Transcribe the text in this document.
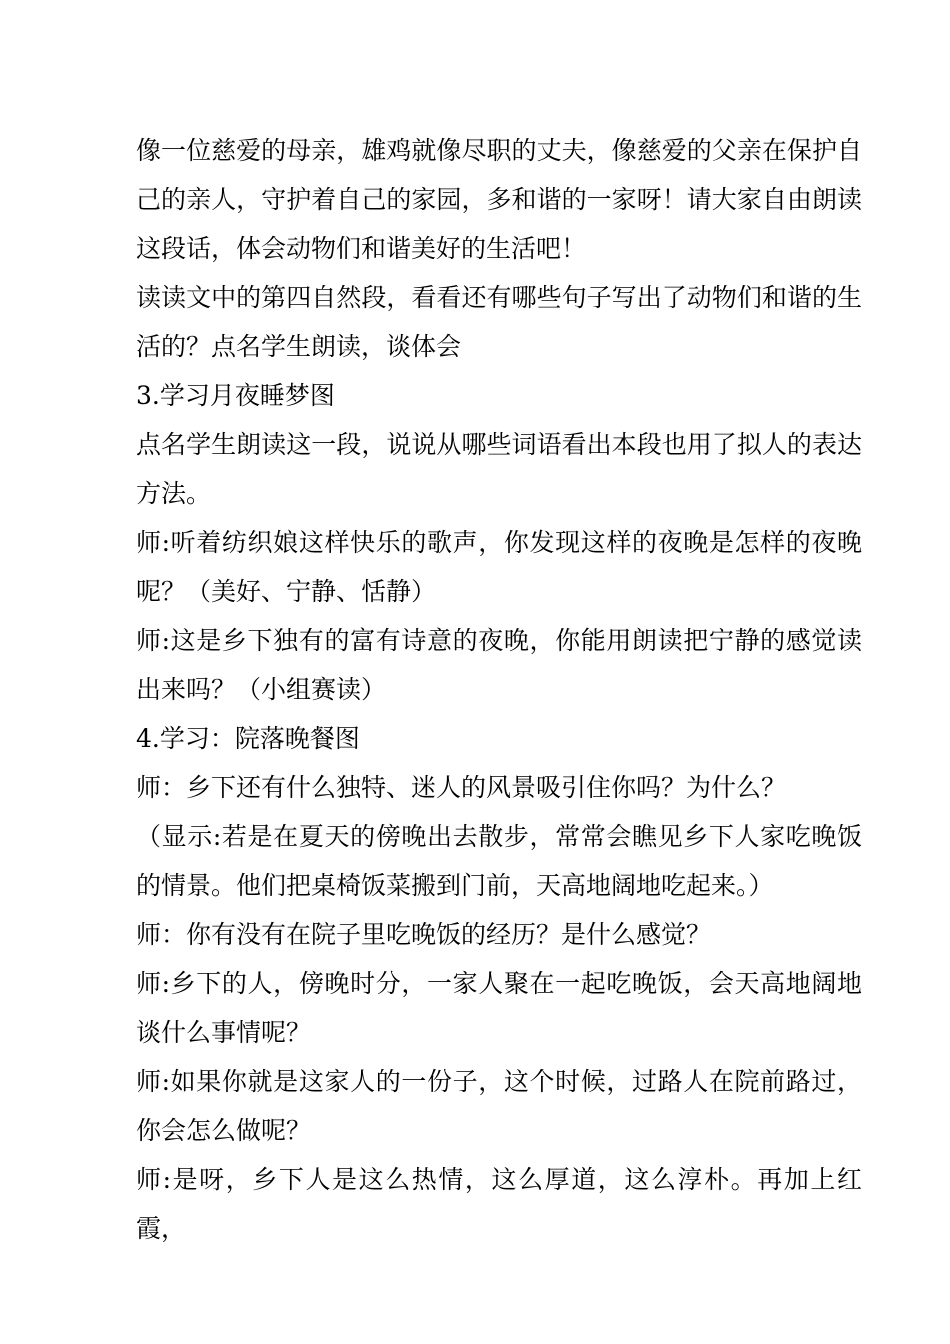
像一位慈爱的母亲，雄鸡就像尽职的丈夫，像慈爱的父亲在保护自己的亲人，守护着自己的家园，多和谐的一家呀！请大家自由朗读这段话，体会动物们和谐美好的生活吧！

读读文中的第四自然段，看看还有哪些句子写出了动物们和谐的生活的？点名学生朗读，谈体会

3.学习月夜睡梦图

点名学生朗读这一段，说说从哪些词语看出本段也用了拟人的表达方法。

师:听着纺织娘这样快乐的歌声，你发现这样的夜晚是怎样的夜晚呢？（美好、宁静、恬静）

师:这是乡下独有的富有诗意的夜晚，你能用朗读把宁静的感觉读出来吗？（小组赛读）

4.学习：院落晚餐图

师：乡下还有什么独特、迷人的风景吸引住你吗？为什么？

（显示:若是在夏天的傍晚出去散步，常常会瞧见乡下人家吃晚饭的情景。他们把桌椅饭菜搬到门前，天高地阔地吃起来。）

师：你有没有在院子里吃晚饭的经历？是什么感觉？

师:乡下的人，傍晚时分，一家人聚在一起吃晚饭，会天高地阔地谈什么事情呢？

师:如果你就是这家人的一份子，这个时候，过路人在院前路过，你会怎么做呢？

师:是呀，乡下人是这么热情，这么厚道，这么淳朴。再加上红霞，
